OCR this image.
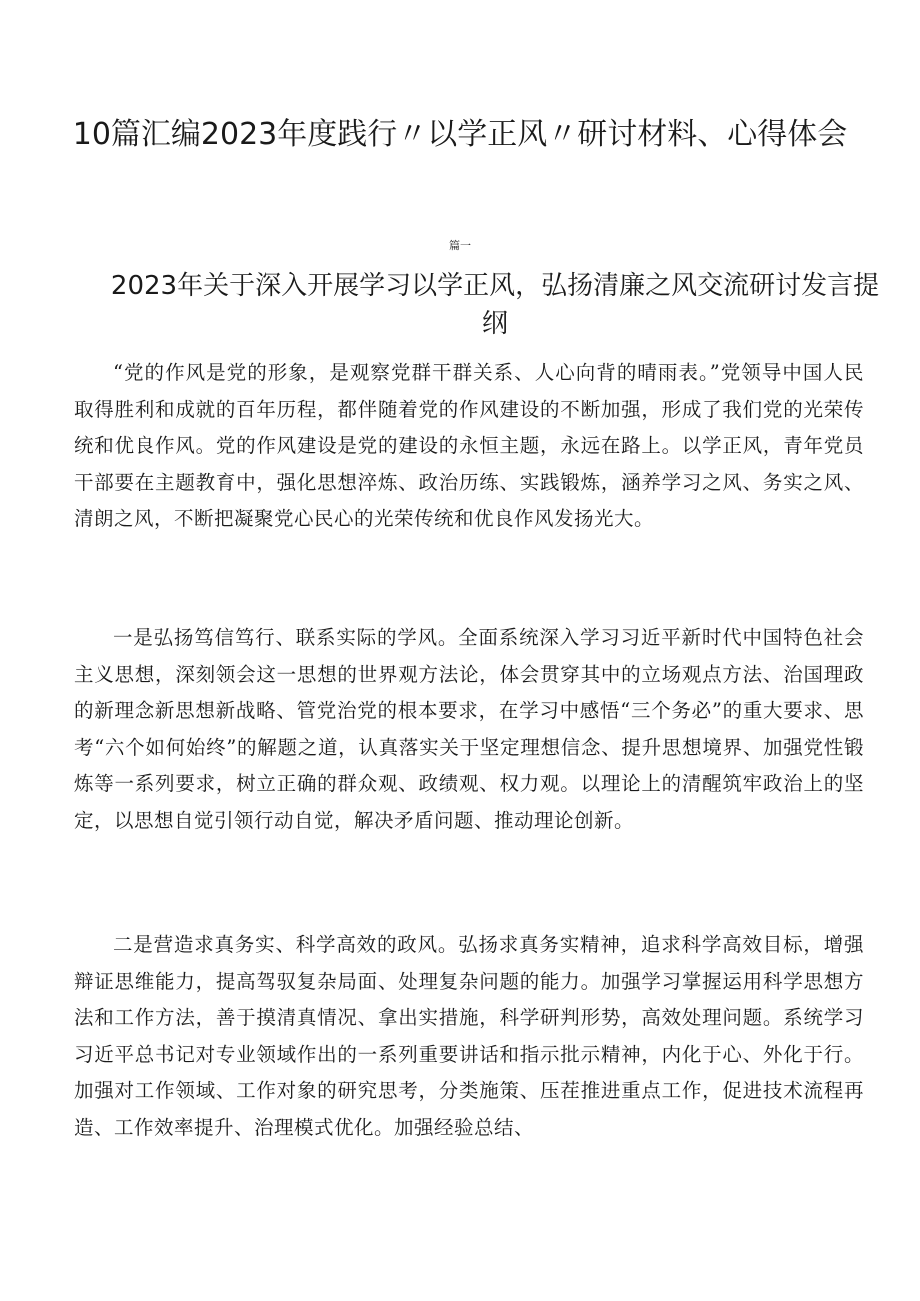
10篇汇编2023年度践行〃以学正风〃研讨材料、心得体会
篇一
2023年关于深入开展学习以学正风，弘扬清廉之风交流研讨发言提纲

“党的作风是党的形象，是观察党群干群关系、人心向背的晴雨表。”党领导中国人民取得胜利和成就的百年历程，都伴随着党的作风建设的不断加强，形成了我们党的光荣传统和优良作风。党的作风建设是党的建设的永恒主题，永远在路上。以学正风，青年党员干部要在主题教育中，强化思想淬炼、政治历练、实践锻炼，涵养学习之风、务实之风、清朗之风，不断把凝聚党心民心的光荣传统和优良作风发扬光大。

一是弘扬笃信笃行、联系实际的学风。全面系统深入学习习近平新时代中国特色社会主义思想，深刻领会这一思想的世界观方法论，体会贯穿其中的立场观点方法、治国理政的新理念新思想新战略、管党治党的根本要求，在学习中感悟“三个务必”的重大要求、思考“六个如何始终”的解题之道，认真落实关于坚定理想信念、提升思想境界、加强党性锻炼等一系列要求，树立正确的群众观、政绩观、权力观。以理论上的清醒筑牢政治上的坚定，以思想自觉引领行动自觉，解决矛盾问题、推动理论创新。

二是营造求真务实、科学高效的政风。弘扬求真务实精神，追求科学高效目标，增强辩证思维能力，提高驾驭复杂局面、处理复杂问题的能力。加强学习掌握运用科学思想方法和工作方法，善于摸清真情况、拿出实措施，科学研判形势，高效处理问题。系统学习习近平总书记对专业领域作出的一系列重要讲话和指示批示精神，内化于心、外化于行。加强对工作领域、工作对象的研究思考，分类施策、压茬推进重点工作，促进技术流程再造、工作效率提升、治理模式优化。加强经验总结、
